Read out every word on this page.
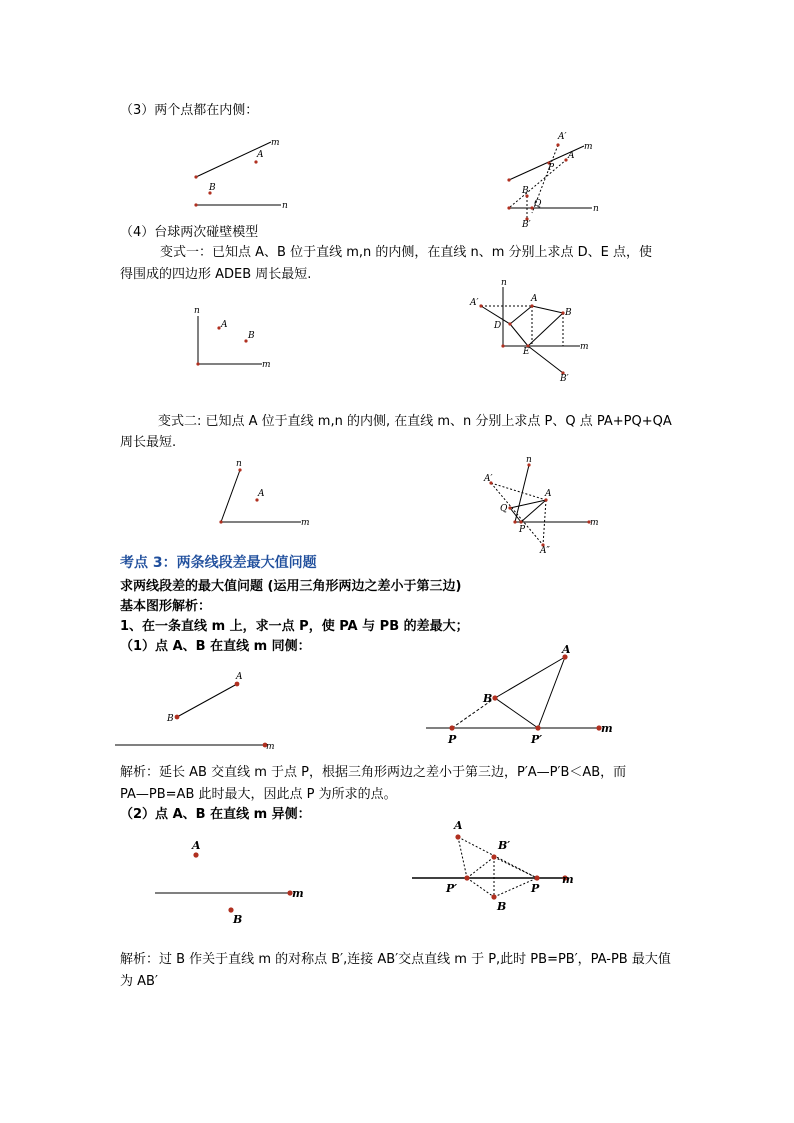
（3）两个点都在内侧：
（4）台球两次碰壁模型
变式一：已知点 A、B 位于直线 m,n 的内侧，在直线 n、m 分别上求点 D、E 点，使
得围成的四边形 ADEB 周长最短.
变式二: 已知点 A 位于直线 m,n 的内侧, 在直线 m、n 分别上求点 P、Q 点 PA+PQ+QA
周长最短.
考点 3：两条线段差最大值问题
求两线段差的最大值问题 (运用三角形两边之差小于第三边)
基本图形解析：
1、在一条直线 m 上，求一点 P，使 PA 与 PB 的差最大；
（1）点 A、B 在直线 m 同侧：
解析：延长 AB 交直线 m 于点 P，根据三角形两边之差小于第三边，P′A—P′B＜AB，而
PA—PB=AB 此时最大，因此点 P 为所求的点。
（2）点 A、B 在直线 m 异侧：
解析：过 B 作关于直线 m 的对称点 B′,连接 AB′交点直线 m 于 P,此时 PB=PB′，PA-PB 最大值
为 AB′
m
A
B
n
A′
m
A
P
B
Q	n
B′
n
A
B
m
n
A′	A
B
D
E	m
B′
n
A
m
n
A′
A
Q
P
m
A″
A
B
m
A
B
P	P′
m
A
m
B
A
B′
P′	P
m
B
